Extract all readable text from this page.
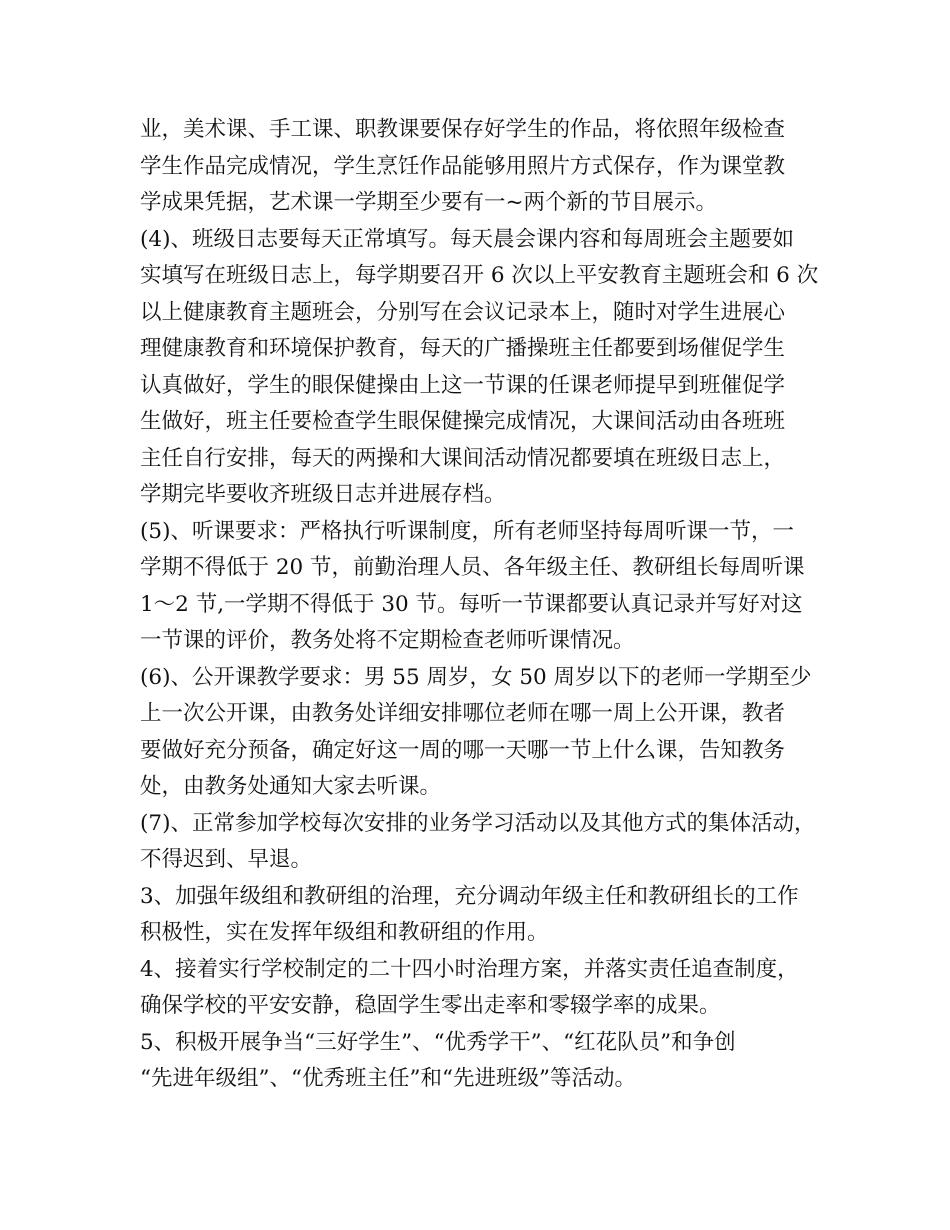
业，美术课、手工课、职教课要保存好学生的作品，将依照年级检查
学生作品完成情况，学生烹饪作品能够用照片方式保存，作为课堂教
学成果凭据，艺术课一学期至少要有一~两个新的节目展示。
(4)、班级日志要每天正常填写。每天晨会课内容和每周班会主题要如
实填写在班级日志上，每学期要召开 6 次以上平安教育主题班会和 6 次
以上健康教育主题班会，分别写在会议记录本上，随时对学生进展心
理健康教育和环境保护教育，每天的广播操班主任都要到场催促学生
认真做好，学生的眼保健操由上这一节课的任课老师提早到班催促学
生做好，班主任要检查学生眼保健操完成情况，大课间活动由各班班
主任自行安排，每天的两操和大课间活动情况都要填在班级日志上，
学期完毕要收齐班级日志并进展存档。
(5)、听课要求：严格执行听课制度，所有老师坚持每周听课一节，一
学期不得低于 20 节，前勤治理人员、各年级主任、教研组长每周听课
1～2 节,一学期不得低于 30 节。每听一节课都要认真记录并写好对这
一节课的评价，教务处将不定期检查老师听课情况。
(6)、公开课教学要求：男 55 周岁，女 50 周岁以下的老师一学期至少
上一次公开课，由教务处详细安排哪位老师在哪一周上公开课，教者
要做好充分预备，确定好这一周的哪一天哪一节上什么课，告知教务
处，由教务处通知大家去听课。
(7)、正常参加学校每次安排的业务学习活动以及其他方式的集体活动，
不得迟到、早退。
3、加强年级组和教研组的治理，充分调动年级主任和教研组长的工作
积极性，实在发挥年级组和教研组的作用。
4、接着实行学校制定的二十四小时治理方案，并落实责任追查制度，
确保学校的平安安静，稳固学生零出走率和零辍学率的成果。
5、积极开展争当“三好学生”、“优秀学干”、“红花队员”和争创
“先进年级组”、“优秀班主任”和“先进班级”等活动。
